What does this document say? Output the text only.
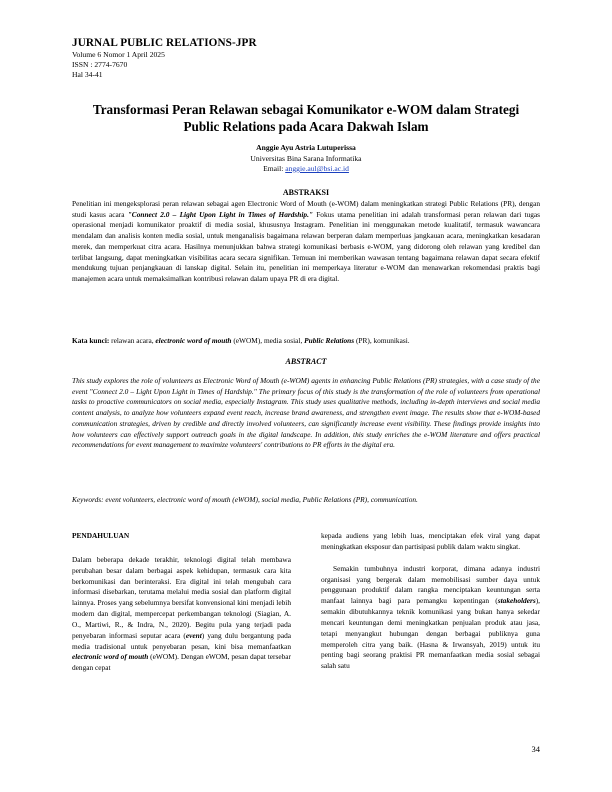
JURNAL PUBLIC RELATIONS-JPR
Volume 6 Nomor 1 April 2025
ISSN : 2774-7670
Hal 34-41
Transformasi Peran Relawan sebagai Komunikator e-WOM dalam Strategi
Public Relations pada Acara Dakwah Islam
Anggie Ayu Astria Lutuperissa
Universitas Bina Sarana Informatika
Email: anggie.aul@bsi.ac.id
ABSTRAKSI
Penelitian ini mengeksplorasi peran relawan sebagai agen Electronic Word of Mouth (e-WOM) dalam meningkatkan strategi Public Relations (PR), dengan studi kasus acara "Connect 2.0 – Light Upon Light in Times of Hardship." Fokus utama penelitian ini adalah transformasi peran relawan dari tugas operasional menjadi komunikator proaktif di media sosial, khususnya Instagram. Penelitian ini menggunakan metode kualitatif, termasuk wawancara mendalam dan analisis konten media sosial, untuk menganalisis bagaimana relawan berperan dalam memperluas jangkauan acara, meningkatkan kesadaran merek, dan memperkuat citra acara. Hasilnya menunjukkan bahwa strategi komunikasi berbasis e-WOM, yang didorong oleh relawan yang kredibel dan terlibat langsung, dapat meningkatkan visibilitas acara secara signifikan. Temuan ini memberikan wawasan tentang bagaimana relawan dapat secara efektif mendukung tujuan penjangkauan di lanskap digital. Selain itu, penelitian ini memperkaya literatur e-WOM dan menawarkan rekomendasi praktis bagi manajemen acara untuk memaksimalkan kontribusi relawan dalam upaya PR di era digital.
Kata kunci: relawan acara, electronic word of mouth (eWOM), media sosial, Public Relations (PR), komunikasi.
ABSTRACT
This study explores the role of volunteers as Electronic Word of Mouth (e-WOM) agents in enhancing Public Relations (PR) strategies, with a case study of the event "Connect 2.0 – Light Upon Light in Times of Hardship." The primary focus of this study is the transformation of the role of volunteers from operational tasks to proactive communicators on social media, especially Instagram. This study uses qualitative methods, including in-depth interviews and social media content analysis, to analyze how volunteers expand event reach, increase brand awareness, and strengthen event image. The results show that e-WOM-based communication strategies, driven by credible and directly involved volunteers, can significantly increase event visibility. These findings provide insights into how volunteers can effectively support outreach goals in the digital landscape. In addition, this study enriches the e-WOM literature and offers practical recommendations for event management to maximize volunteers' contributions to PR efforts in the digital era.
Keywords: event volunteers, electronic word of mouth (eWOM), social media, Public Relations (PR), communication.

PENDAHULUAN

Dalam beberapa dekade terakhir, teknologi digital telah membawa perubahan besar dalam berbagai aspek kehidupan, termasuk cara kita berkomunikasi dan berinteraksi. Era digital ini telah mengubah cara informasi disebarkan, terutama melalui media sosial dan platform digital lainnya. Proses yang sebelumnya bersifat konvensional kini menjadi lebih modern dan digital, mempercepat perkembangan teknologi (Siagian, A. O., Martiwi, R., & Indra, N., 2020). Begitu pula yang terjadi pada penyebaran informasi seputar acara (event) yang dulu bergantung pada media tradisional untuk penyebaran pesan, kini bisa memanfaatkan electronic word of mouth (eWOM). Dengan eWOM, pesan dapat tersebar dengan cepat

kepada audiens yang lebih luas, menciptakan efek viral yang dapat meningkatkan eksposur dan partisipasi publik dalam waktu singkat.

Semakin tumbuhnya industri korporat, dimana adanya industri organisasi yang bergerak dalam memobilisasi sumber daya untuk penggunaan produktif dalam rangka menciptakan keuntungan serta manfaat lainnya bagi para pemangku kepentingan (stakeholders), semakin dibutuhkannya teknik komunikasi yang bukan hanya sekedar mencari keuntungan demi meningkatkan penjualan produk atau jasa, tetapi menyangkut hubungan dengan berbagai publiknya guna memperoleh citra yang baik. (Hasna & Irwansyah, 2019) untuk itu penting bagi seorang praktisi PR memanfaatkan media sosial sebagai salah satu

34
